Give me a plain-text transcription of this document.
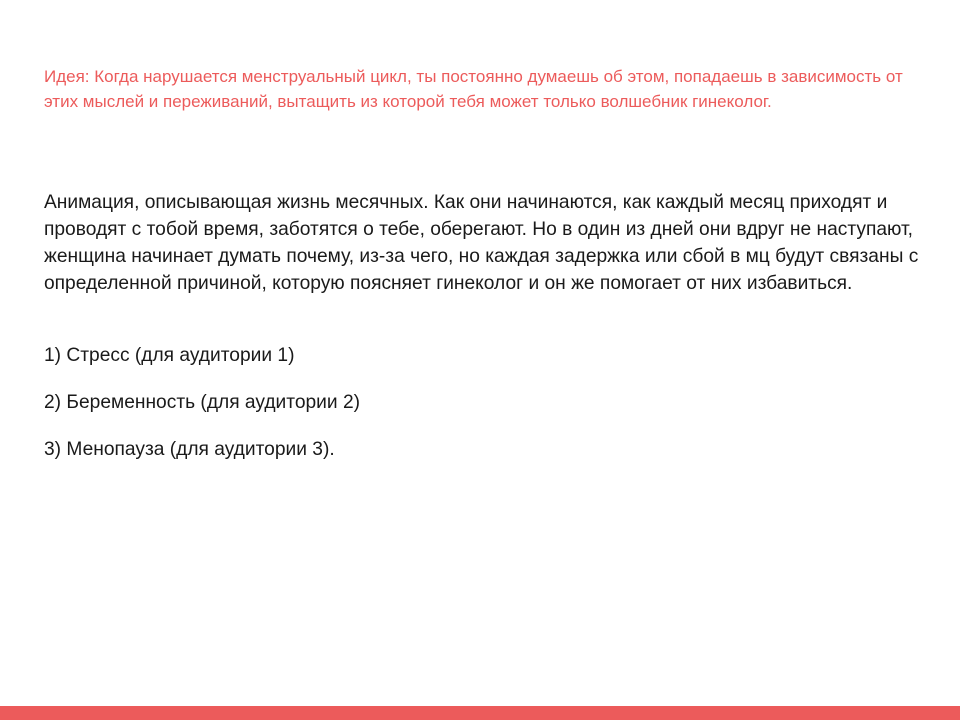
Идея: Когда нарушается менструальный цикл, ты постоянно думаешь об этом, попадаешь в зависимость от этих мыслей и переживаний, вытащить из которой тебя может только волшебник гинеколог.

Анимация, описывающая жизнь месячных. Как они начинаются, как каждый месяц приходят и проводят с тобой время, заботятся о тебе, оберегают. Но в один из дней они вдруг не наступают, женщина начинает думать почему, из-за чего, но каждая задержка или сбой в мц будут связаны с определенной причиной, которую поясняет гинеколог и он же помогает от них избавиться.

1) Стресс (для аудитории 1)
2) Беременность (для аудитории 2)
3) Менопауза (для аудитории 3).
